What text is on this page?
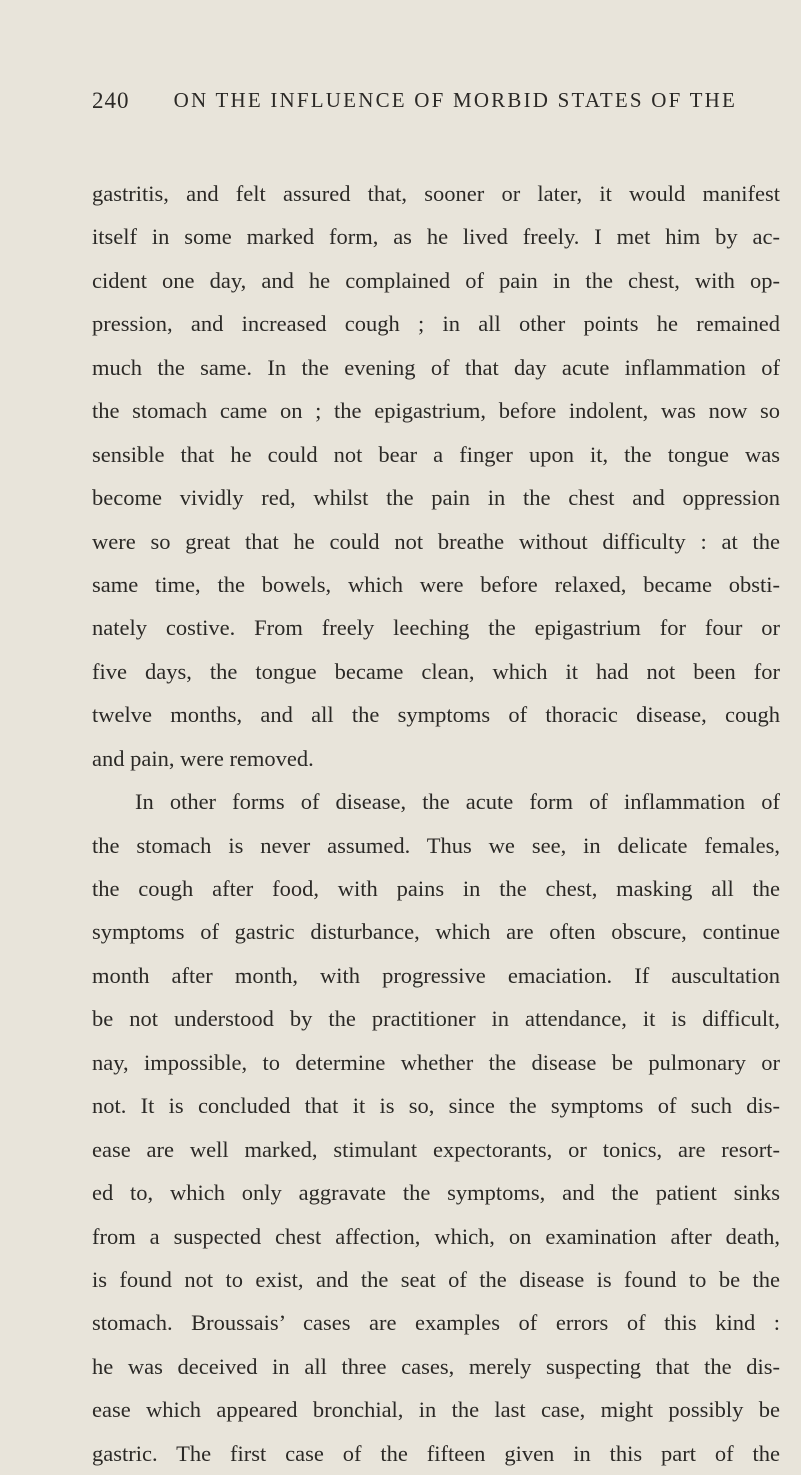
240 ON THE INFLUENCE OF MORBID STATES OF THE
gastritis, and felt assured that, sooner or later, it would manifest
itself in some marked form, as he lived freely. I met him by ac-
cident one day, and he complained of pain in the chest, with op-
pression, and increased cough ; in all other points he remained
much the same. In the evening of that day acute inflammation of
the stomach came on ; the epigastrium, before indolent, was now so
sensible that he could not bear a finger upon it, the tongue was
become vividly red, whilst the pain in the chest and oppression
were so great that he could not breathe without difficulty : at the
same time, the bowels, which were before relaxed, became obsti-
nately costive. From freely leeching the epigastrium for four or
five days, the tongue became clean, which it had not been for
twelve months, and all the symptoms of thoracic disease, cough
and pain, were removed.
In other forms of disease, the acute form of inflammation of
the stomach is never assumed. Thus we see, in delicate females,
the cough after food, with pains in the chest, masking all the
symptoms of gastric disturbance, which are often obscure, continue
month after month, with progressive emaciation. If auscultation
be not understood by the practitioner in attendance, it is difficult,
nay, impossible, to determine whether the disease be pulmonary or
not. It is concluded that it is so, since the symptoms of such dis-
ease are well marked, stimulant expectorants, or tonics, are resort-
ed to, which only aggravate the symptoms, and the patient sinks
from a suspected chest affection, which, on examination after death,
is found not to exist, and the seat of the disease is found to be the
stomach. Broussais’ cases are examples of errors of this kind :
he was deceived in all three cases, merely suspecting that the dis-
ease which appeared bronchial, in the last case, might possibly be
gastric. The first case of the fifteen given in this part of the
